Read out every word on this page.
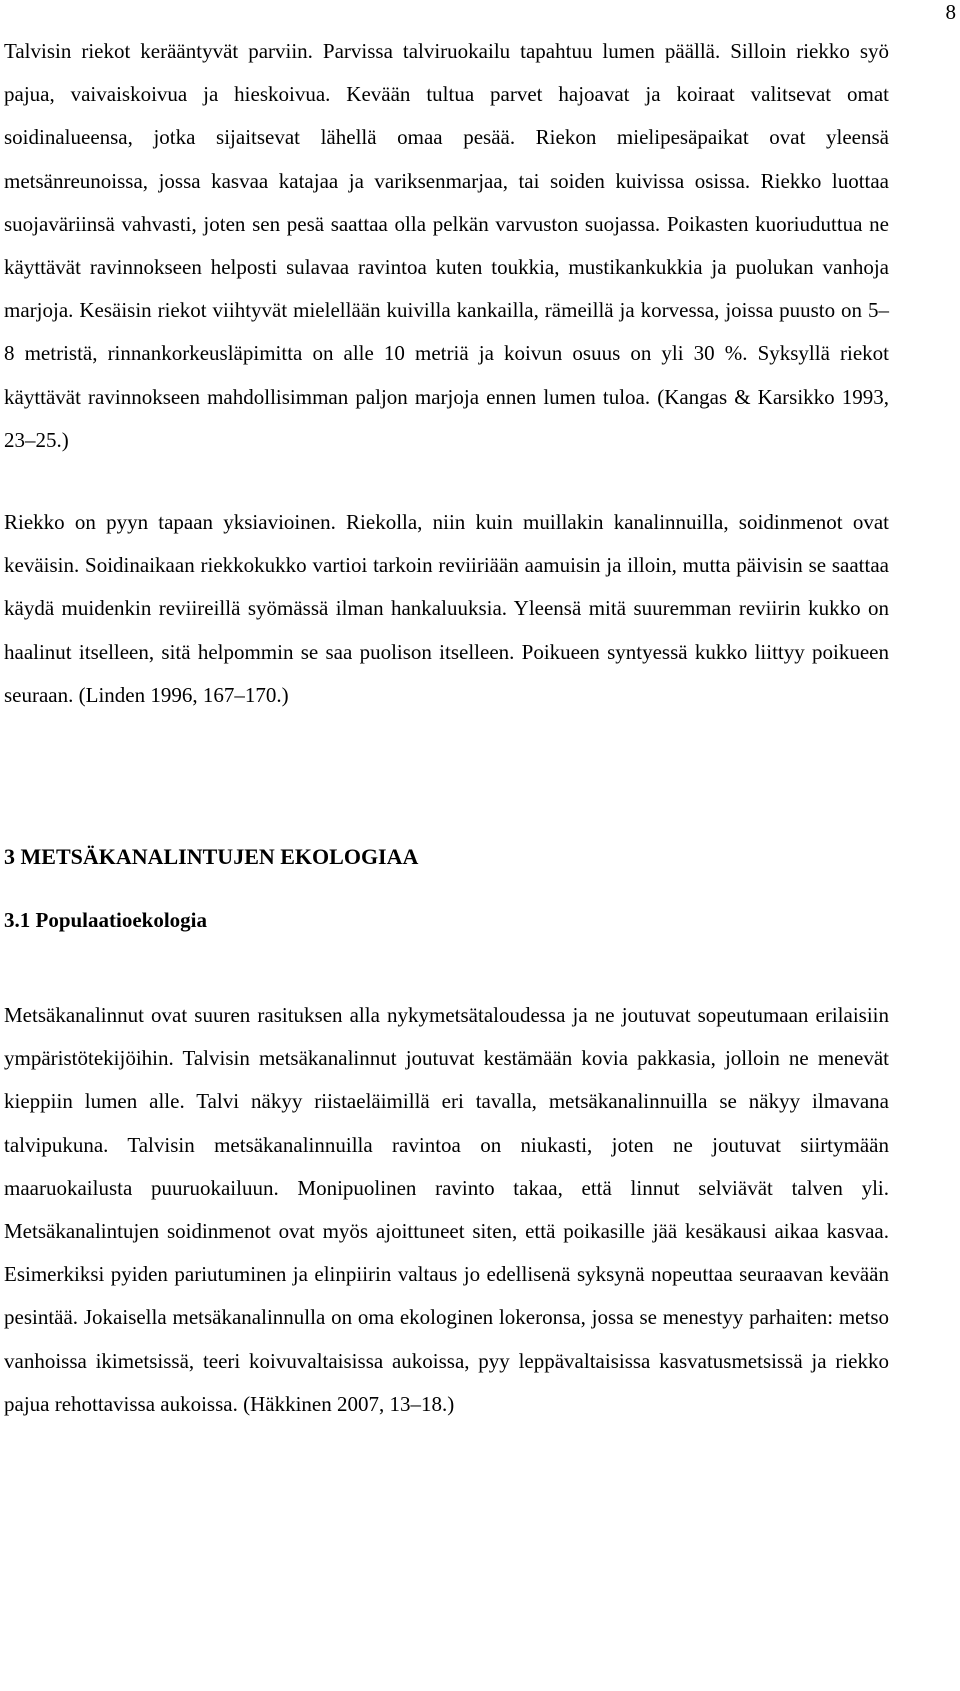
8

Talvisin riekot kerääntyvät parviin. Parvissa talviruokailu tapahtuu lumen päällä. Silloin riekko syö pajua, vaivaiskoivua ja hieskoivua. Kevään tultua parvet hajoavat ja koiraat valitsevat omat soidinalueensa, jotka sijaitsevat lähellä omaa pesää. Riekon mielipesäpaikat ovat yleensä metsänreunoissa, jossa kasvaa katajaa ja variksenmarjaa, tai soiden kuivissa osissa. Riekko luottaa suojaväriinsä vahvasti, joten sen pesä saattaa olla pelkän varvuston suojassa. Poikasten kuoriuduttua ne käyttävät ravinnokseen helposti sulavaa ravintoa kuten toukkia, mustikankukkia ja puolukan vanhoja marjoja. Kesäisin riekot viihtyvät mielellään kuivilla kankailla, rämeillä ja korvessa, joissa puusto on 5–8 metristä, rinnankorkeusläpimitta on alle 10 metriä ja koivun osuus on yli 30 %. Syksyllä riekot käyttävät ravinnokseen mahdollisimman paljon marjoja ennen lumen tuloa. (Kangas & Karsikko 1993, 23–25.)

Riekko on pyyn tapaan yksiavioinen. Riekolla, niin kuin muillakin kanalinnuilla, soidinmenot ovat keväisin. Soidinaikaan riekkokukko vartioi tarkoin reviiriään aamuisin ja illoin, mutta päivisin se saattaa käydä muidenkin reviireillä syömässä ilman hankaluuksia. Yleensä mitä suuremman reviirin kukko on haalinut itselleen, sitä helpommin se saa puolison itselleen. Poikueen syntyessä kukko liittyy poikueen seuraan. (Linden 1996, 167–170.)

3 METSÄKANALINTUJEN EKOLOGIAA
3.1 Populaatioekologia

Metsäkanalinnut ovat suuren rasituksen alla nykymetsätaloudessa ja ne joutuvat sopeutumaan erilaisiin ympäristötekijöihin. Talvisin metsäkanalinnut joutuvat kestämään kovia pakkasia, jolloin ne menevät kieppiin lumen alle. Talvi näkyy riistaeläimillä eri tavalla, metsäkanalinnuilla se näkyy ilmavana talvipukuna. Talvisin metsäkanalinnuilla ravintoa on niukasti, joten ne joutuvat siirtymään maaruokailusta puuruokailuun. Monipuolinen ravinto takaa, että linnut selviävät talven yli. Metsäkanalintujen soidinmenot ovat myös ajoittuneet siten, että poikasille jää kesäkausi aikaa kasvaa. Esimerkiksi pyiden pariutuminen ja elinpiirin valtaus jo edellisenä syksynä nopeuttaa seuraavan kevään pesintää. Jokaisella metsäkanalinnulla on oma ekologinen lokeronsa, jossa se menestyy parhaiten: metso vanhoissa ikimetsissä, teeri koivuvaltaisissa aukoissa, pyy leppävaltaisissa kasvatusmetsissä ja riekko pajua rehottavissa aukoissa. (Häkkinen 2007, 13–18.)
